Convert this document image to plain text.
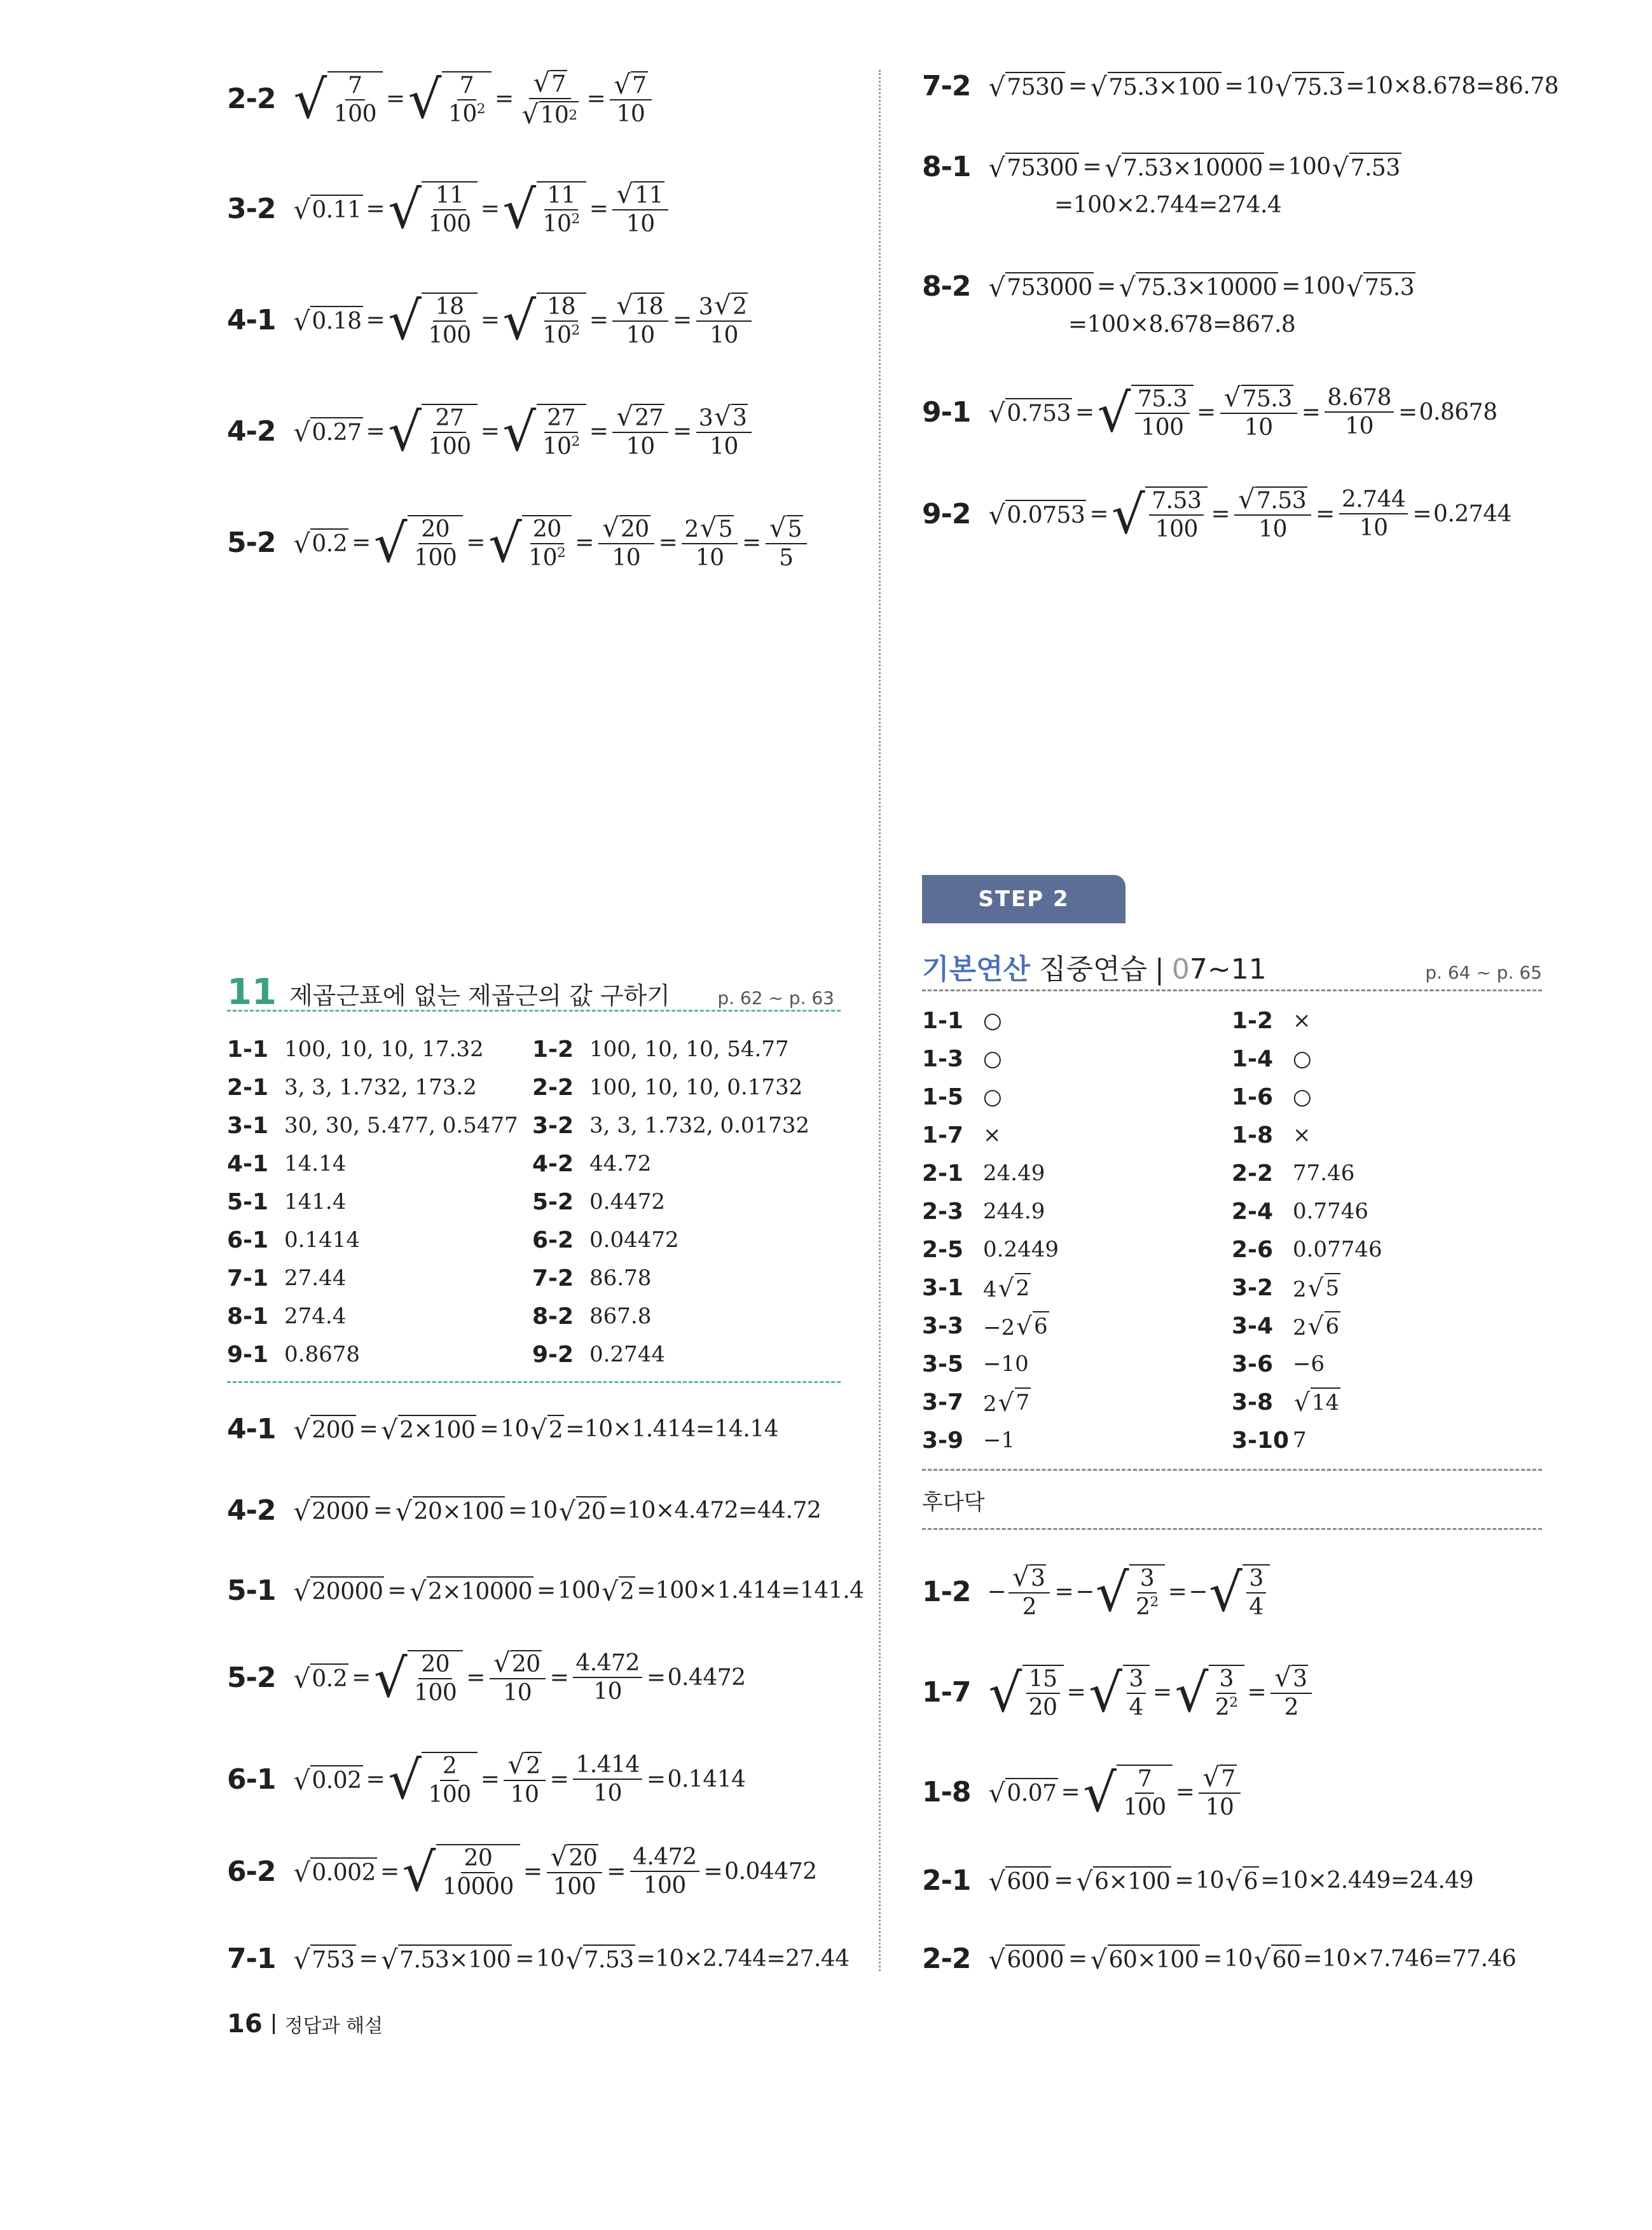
2-2 √ $\frac{7}{100}$ = √ $\frac{7}{10^2} = \frac{√ 7}{√ 10 2} = \frac{√ 7}{10}$
3-2 √ 0.11 = √ $\frac{11}{100}$ = √ $\frac{11}{10^2} = \frac{√ 11}{10}$
4-1 √ 0.18 = √ $\frac{18}{100}$ = √ $\frac{18}{10^2} = \frac{√ 18}{10} = \frac{3 √ 2}{10}$
4-2 √ 0.27 = √ $\frac{27}{100}$ = √ $\frac{27}{10^2} = \frac{√ 27}{10} = \frac{3 √ 3}{10}$
5-2 √ 0.2 = √ $\frac{20}{100}$ = √ $\frac{20}{10^2} = \frac{√ 20}{10} = \frac{2 √ 5}{10} = \frac{√ 5}{5}$
11 제곱근표에 없는 제곱근의 값 구하기	p. 62 ~ p. 63
1-1 100, 10, 10, 17.32 1-2 100, 10, 10, 54.77
2-1 3, 3, 1.732, 173.2 2-2 100, 10, 10, 0.1732
3-1 30, 30, 5.477, 0.5477 3-2 3, 3, 1.732, 0.01732
4-1 14.14	4-2 44.72
5-1 141.4	5-2 0.4472
6-1 0.1414	6-2 0.04472
7-1 27.44	7-2 86.78
8-1 274.4	8-2 867.8
9-1 0.8678	9-2 0.2744
4-1 √ 200 = √ 2×100 = 10 √ 2 =10×1.414=14.14
4-2 √ 2000 = √ 20×100 = 10 √ 20 =10×4.472=44.72
5-1 √ 20000 = √ 2×10000 = 100 √ 2 =100×1.414=141.4
5-2 √ 0.2 = √ $\frac{20}{100} = \frac{√ 20}{10} = \frac{4.472}{10} = 0.4472$
6-1 √ 0.02 = √ $\frac{2}{100} = \frac{√ 2}{10} = \frac{1.414}{10} = 0.1414$
6-2 √ 0.002 = √ $\frac{20}{10000} = \frac{√ 20}{100} = \frac{4.472}{100} = 0.04472$
7-1 √ 753 = √ 7.53×100 = 10 √ 7.53 =10×2.744=27.44
7-2 √ 7530 = √ 75.3×100 = 10 √ 75.3 =10×8.678=86.78
8-1 √ 75300 = √ 7.53×10000 = 100 √ 7.53
=100×2.744=274.4
8-2 √ 753000 = √ 75.3×10000 = 100 √ 75.3
=100×8.678=867.8
9-1 √ 0.753 = √ $\frac{75.3}{100} = \frac{√ 75.3}{10} = \frac{8.678}{10} = 0.8678$
9-2 √ 0.0753 = √ $\frac{7.53}{100} = \frac{√ 7.53}{10} = \frac{2.744}{10} = 0.2744$
STEP 2
기본연산 집중연습 | 07~11	p. 64 ~ p. 65
1-1 ○	1-2 ×
1-3 ○	1-4 ○
1-5 ○	1-6 ○
1-7 ×	1-8 ×
2-1 24.49	2-2 77.46
2-3 244.9	2-4 0.7746
2-5 0.2449	2-6 0.07746
3-1 4 √ 2	3-2 2 √ 5
3-3 −2 √ 6	3-4 2 √ 6
3-5 −10	3-6 −6
3-7 2 √ 7	3-8 √ 14
3-9 −1	3-10 7
후다닥
$1-2 - \frac{√ 3}{2}$ = − √ $\frac{3}{2^2}$ = − √ $\frac{3}{4}$
1-7 √ $\frac{15}{20}$ = √ $\frac{3}{4}$ = √ $\frac{3}{2^2} = \frac{√ 3}{2}$
1-8 √ 0.07 = √ $\frac{7}{100} = \frac{√ 7}{10}$
2-1 √ 600 = √ 6×100 = 10 √ 6 =10×2.449=24.49
2-2 √ 6000 = √ 60×100 = 10 √ 60 =10×7.746=77.46
16 정답과 해설
